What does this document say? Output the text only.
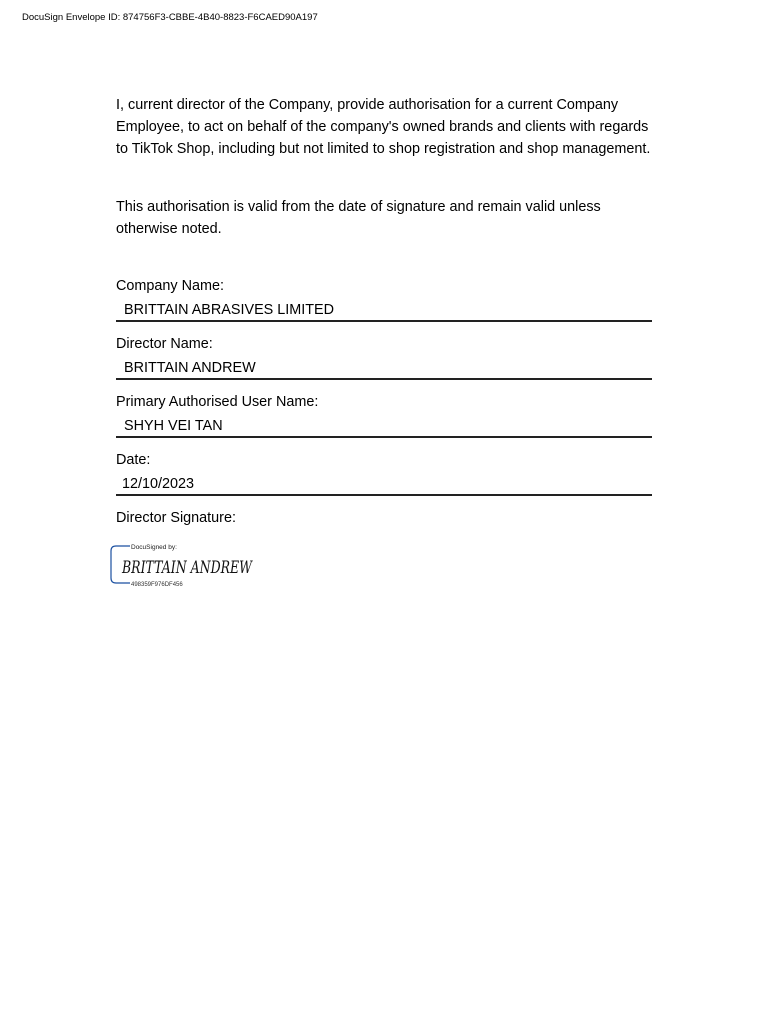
DocuSign Envelope ID: 874756F3-CBBE-4B40-8823-F6CAED90A197

I, current director of the Company, provide authorisation for a current Company Employee, to act on behalf of the company's owned brands and clients with regards to TikTok Shop, including but not limited to shop registration and shop management.

This authorisation is valid from the date of signature and remain valid unless otherwise noted.

Company Name:
BRITTAIN ABRASIVES LIMITED
Director Name:
BRITTAIN ANDREW
Primary Authorised User Name:
SHYH VEI TAN
Date:
12/10/2023
Director Signature:
DocuSigned by:
BRITTAIN ANDREW
498359F976DF456
